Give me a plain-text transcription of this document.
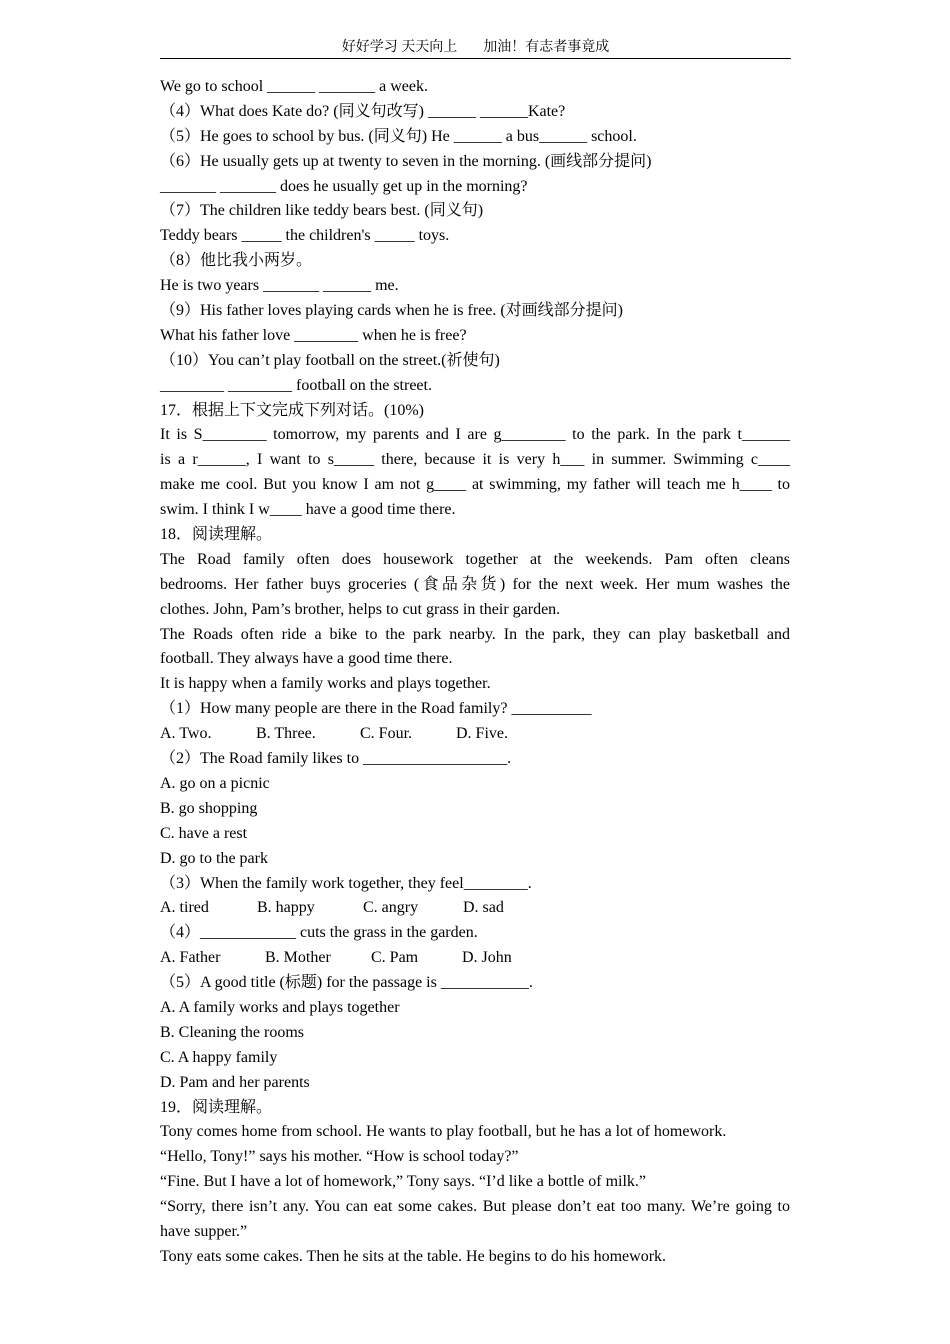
好好学习 天天向上 加油！有志者事竟成
We go to school ______ _______ a week.
（4）What does Kate do? (同义句改写) ______ ______Kate?
（5）He goes to school by bus. (同义句) He ______ a bus______ school.
（6）He usually gets up at twenty to seven in the morning. (画线部分提问)
_______ _______ does he usually get up in the morning?
（7）The children like teddy bears best. (同义句)
Teddy bears _____ the children's _____ toys.
（8）他比我小两岁。
He is two years _______ ______ me.
（9）His father loves playing cards when he is free. (对画线部分提问)
What his father love ________ when he is free?
（10）You can’t play football on the street.(祈使句)
________ ________ football on the street.
17．根据上下文完成下列对话。(10%)
It is S________ tomorrow, my parents and I are g________ to the park. In the park t______
is a r______, I want to s_____ there, because it is very h___ in summer. Swimming c____
make me cool. But you know I am not g____ at swimming, my father will teach me h____ to
swim. I think I w____ have a good time there.
18．阅读理解。
The Road family often does housework together at the weekends. Pam often cleans
bedrooms. Her father buys groceries (食品杂货) for the next week. Her mum washes the
clothes. John, Pam’s brother, helps to cut grass in their garden.
The Roads often ride a bike to the park nearby. In the park, they can play basketball and
football. They always have a good time there.
It is happy when a family works and plays together.
（1）How many people are there in the Road family? __________
A. Two.	B. Three.	C. Four.	D. Five.
（2）The Road family likes to __________________.
A. go on a picnic
B. go shopping
C. have a rest
D. go to the park
（3）When the family work together, they feel________.
A. tired	B. happy	C. angry	D. sad
（4）____________ cuts the grass in the garden.
A. Father	B. Mother	C. Pam	D. John
（5）A good title (标题) for the passage is ___________.
A. A family works and plays together
B. Cleaning the rooms
C. A happy family
D. Pam and her parents
19．阅读理解。
Tony comes home from school. He wants to play football, but he has a lot of homework.
“Hello, Tony!” says his mother. “How is school today?”
“Fine. But I have a lot of homework,” Tony says. “I’d like a bottle of milk.”
“Sorry, there isn’t any. You can eat some cakes. But please don’t eat too many. We’re going to
have supper.”
Tony eats some cakes. Then he sits at the table. He begins to do his homework.
